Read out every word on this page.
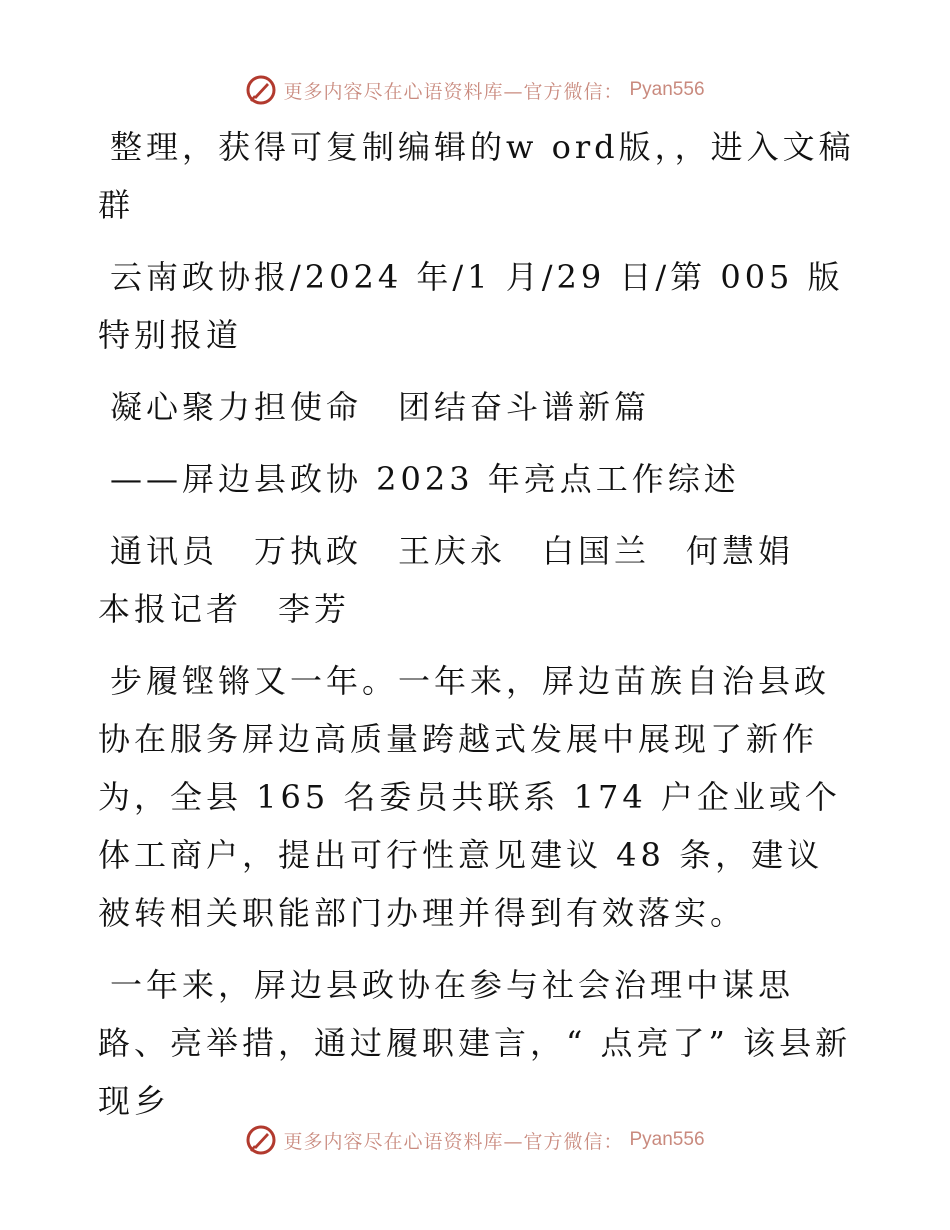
更多内容尽在心语资料库—官方微信： Pyan556

整理，获得可复制编辑的w ord版，，进入文稿群

云南政协报/2024 年/1 月/29 日/第 005 版特别报道

凝心聚力担使命　团结奋斗谱新篇

——屏边县政协 2023 年亮点工作综述

通讯员　万执政　王庆永　白国兰　何慧娟　本报记者　李芳

步履铿锵又一年。一年来，屏边苗族自治县政协在服务屏边高质量跨越式发展中展现了新作为，全县 165 名委员共联系 174 户企业或个体工商户，提出可行性意见建议 48 条，建议被转相关职能部门办理并得到有效落实。

一年来，屏边县政协在参与社会治理中谋思路、亮举措，通过履职建言，“ 点亮了” 该县新现乡

更多内容尽在心语资料库—官方微信： Pyan556
